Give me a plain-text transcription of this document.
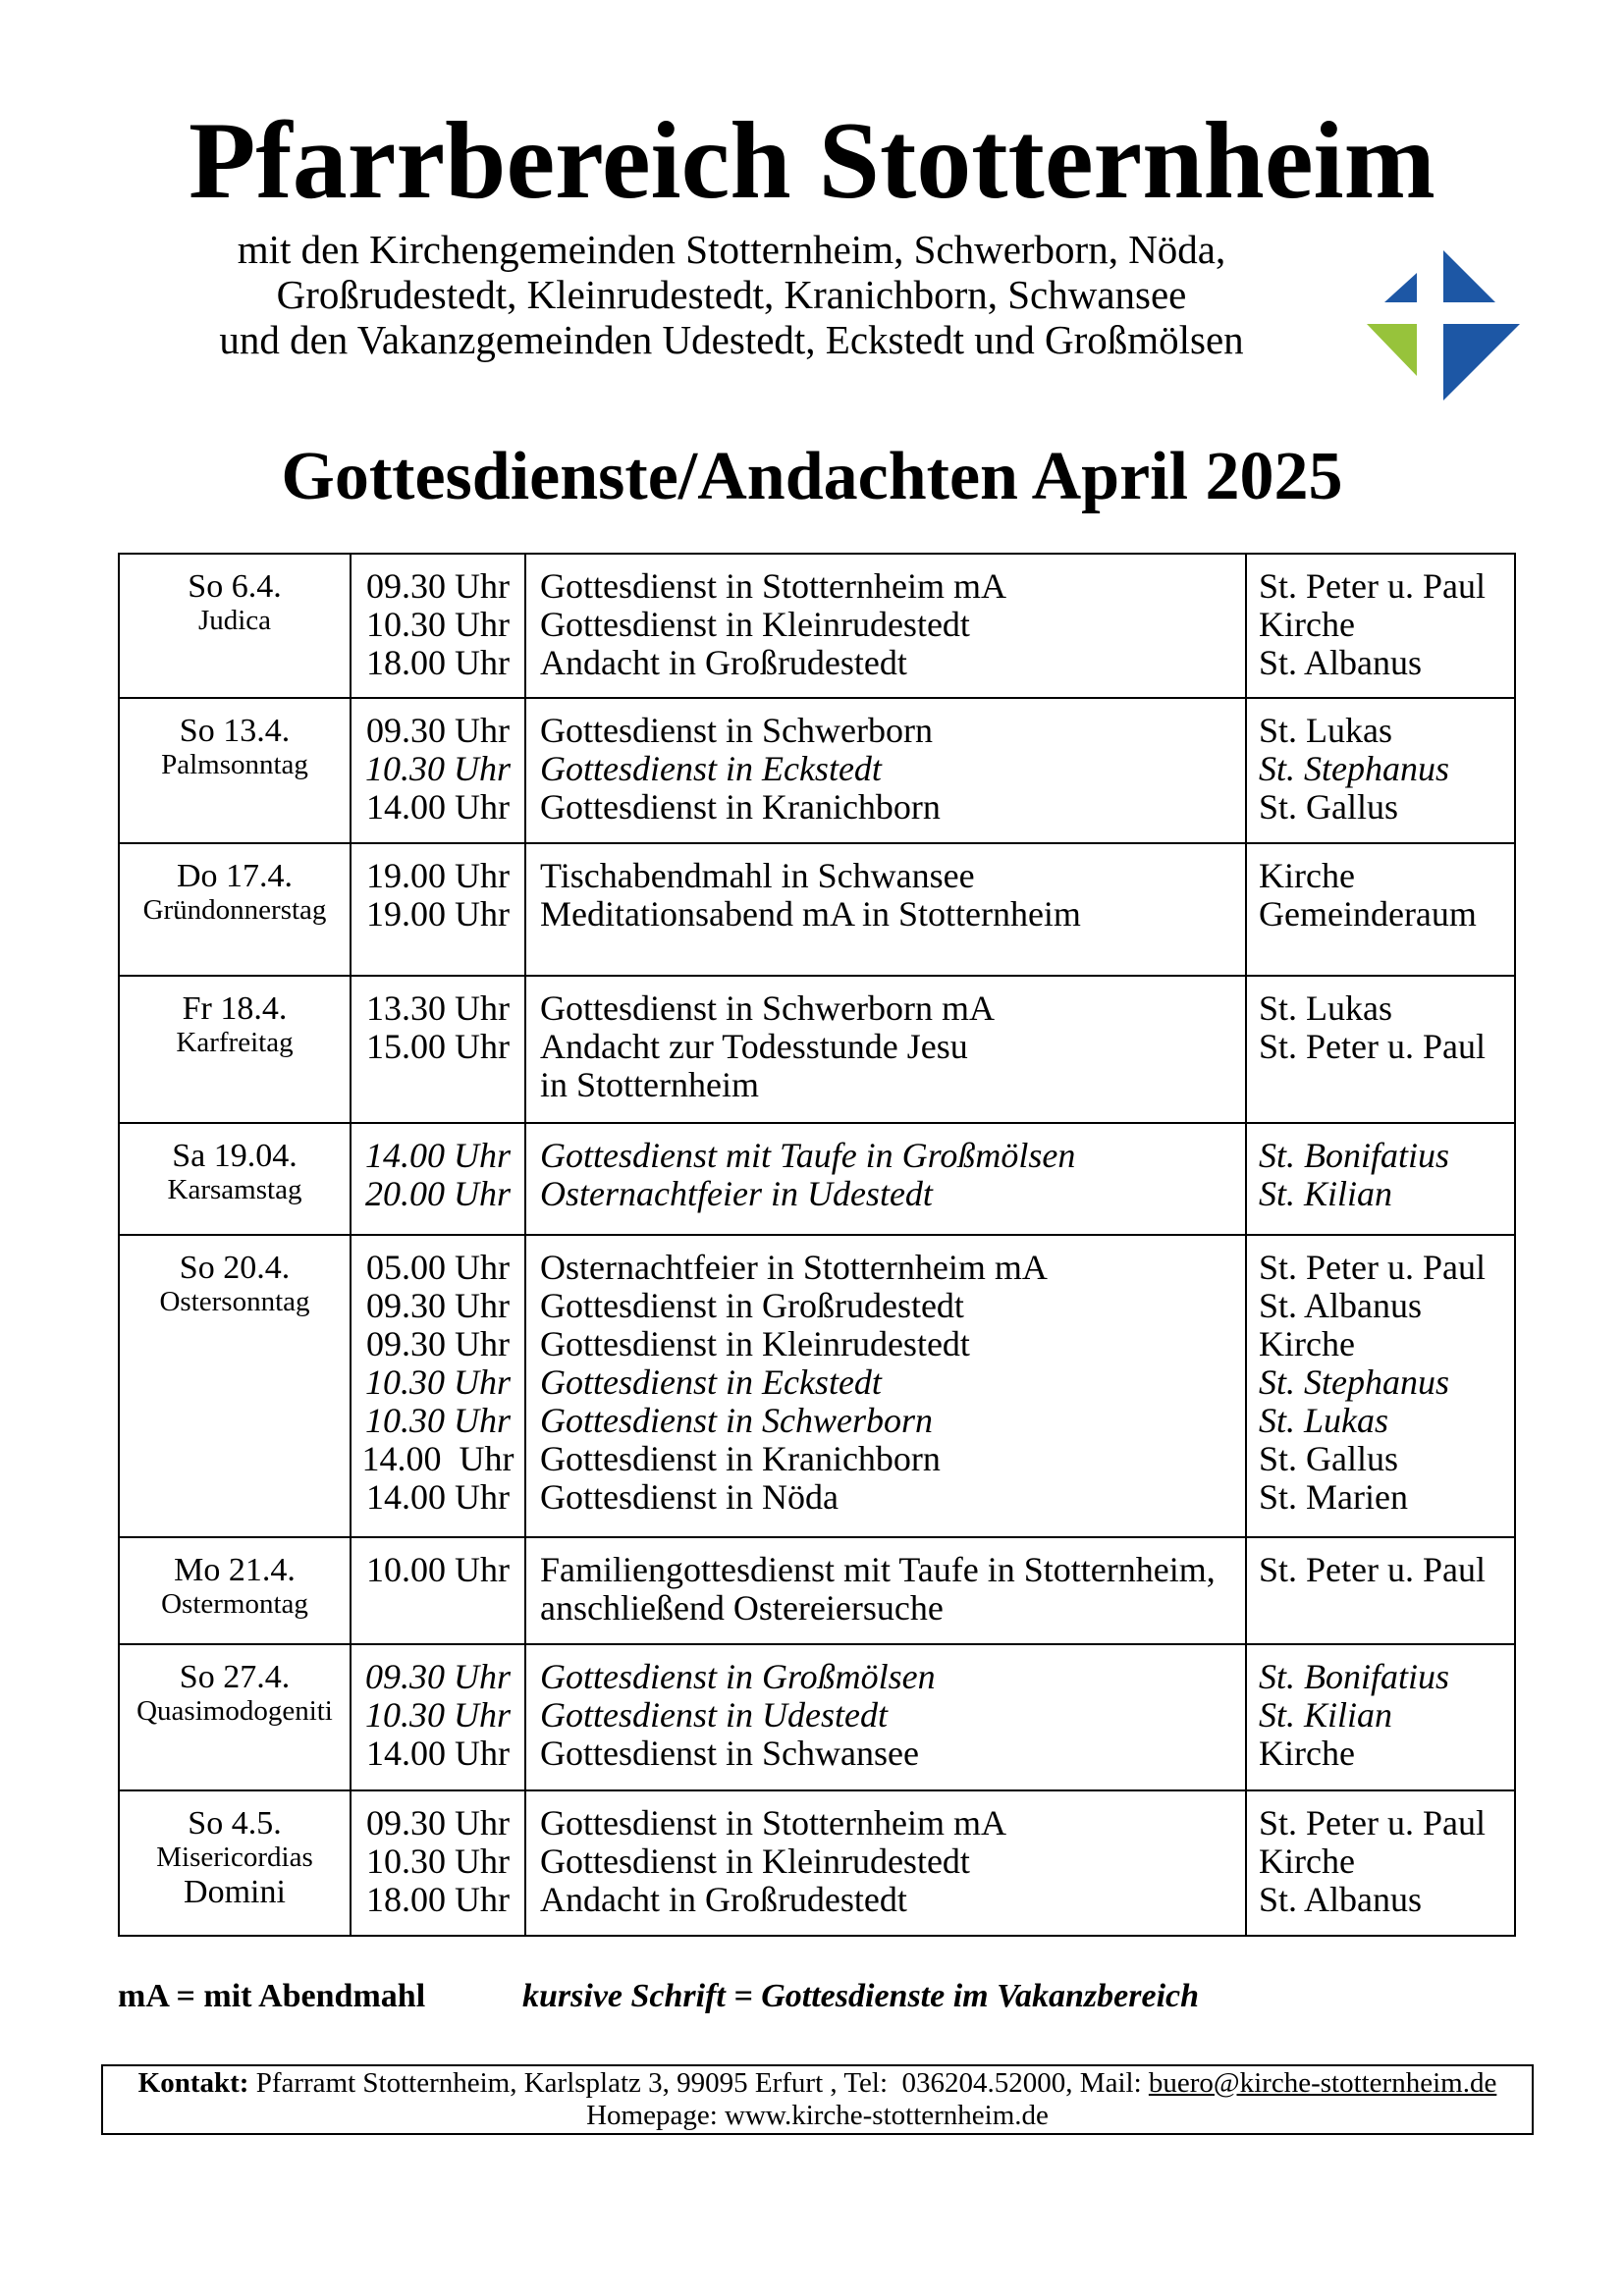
Pfarrbereich Stotternheim
mit den Kirchengemeinden Stotternheim, Schwerborn, Nöda,
Großrudestedt, Kleinrudestedt, Kranichborn, Schwansee
und den Vakanzgemeinden Udestedt, Eckstedt und Großmölsen
Gottesdienste/Andachten April 2025
So 6.4.
Judica
09.30 Uhr
10.30 Uhr
18.00 Uhr
Gottesdienst in Stotternheim mA
Gottesdienst in Kleinrudestedt
Andacht in Großrudestedt
St. Peter u. Paul
Kirche
St. Albanus
So 13.4.
Palmsonntag
09.30 Uhr
10.30 Uhr
14.00 Uhr
Gottesdienst in Schwerborn
Gottesdienst in Eckstedt
Gottesdienst in Kranichborn
St. Lukas
St. Stephanus
St. Gallus
Do 17.4.
Gründonnerstag
19.00 Uhr
19.00 Uhr
Tischabendmahl in Schwansee
Meditationsabend mA in Stotternheim
Kirche
Gemeinderaum
Fr 18.4.
Karfreitag
13.30 Uhr
15.00 Uhr
Gottesdienst in Schwerborn mA
Andacht zur Todesstunde Jesu
in Stotternheim
St. Lukas
St. Peter u. Paul
Sa 19.04.
Karsamstag
14.00 Uhr
20.00 Uhr
Gottesdienst mit Taufe in Großmölsen
Osternachtfeier in Udestedt
St. Bonifatius
St. Kilian
So 20.4.
Ostersonntag
05.00 Uhr
09.30 Uhr
09.30 Uhr
10.30 Uhr
10.30 Uhr
14.00  Uhr
14.00 Uhr
Osternachtfeier in Stotternheim mA
Gottesdienst in Großrudestedt
Gottesdienst in Kleinrudestedt
Gottesdienst in Eckstedt
Gottesdienst in Schwerborn
Gottesdienst in Kranichborn
Gottesdienst in Nöda
St. Peter u. Paul
St. Albanus
Kirche
St. Stephanus
St. Lukas
St. Gallus
St. Marien
Mo 21.4.
Ostermontag
10.00 Uhr Familiengottesdienst mit Taufe in Stotternheim,
anschließend Ostereiersuche
St. Peter u. Paul
So 27.4.
Quasimodogeniti
09.30 Uhr
10.30 Uhr
14.00 Uhr
Gottesdienst in Großmölsen
Gottesdienst in Udestedt
Gottesdienst in Schwansee
St. Bonifatius
St. Kilian
Kirche
So 4.5.
Misericordias
Domini
09.30 Uhr
10.30 Uhr
18.00 Uhr
Gottesdienst in Stotternheim mA
Gottesdienst in Kleinrudestedt
Andacht in Großrudestedt
St. Peter u. Paul
Kirche
St. Albanus
mA = mit Abendmahl	kursive Schrift = Gottesdienste im Vakanzbereich
Kontakt: Pfarramt Stotternheim, Karlsplatz 3, 99095 Erfurt , Tel:  036204.52000, Mail: buero@kirche-stotternheim.de
Homepage: www.kirche-stotternheim.de
